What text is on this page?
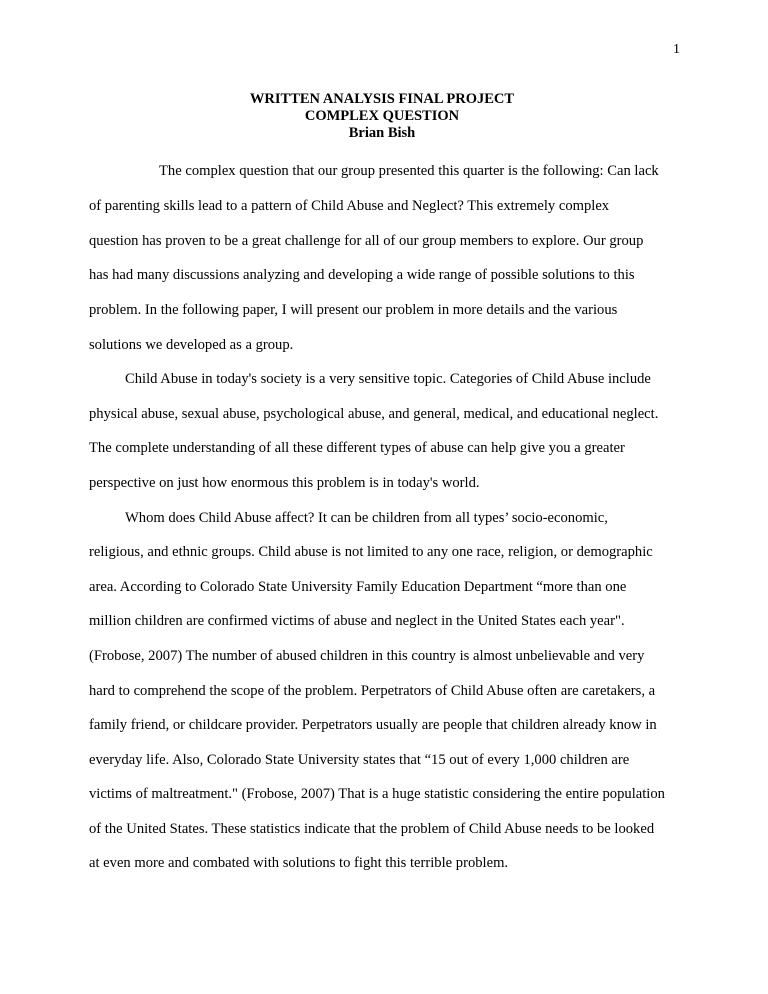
1
WRITTEN ANALYSIS FINAL PROJECT
COMPLEX QUESTION
Brian Bish
The complex question that our group presented this quarter is the following: Can lack
of parenting skills lead to a pattern of Child Abuse and Neglect? This extremely complex
question has proven to be a great challenge for all of our group members to explore. Our group
has had many discussions analyzing and developing a wide range of possible solutions to this
problem. In the following paper, I will present our problem in more details and the various
solutions we developed as a group.
Child Abuse in today's society is a very sensitive topic. Categories of Child Abuse include
physical abuse, sexual abuse, psychological abuse, and general, medical, and educational neglect.
The complete understanding of all these different types of abuse can help give you a greater
perspective on just how enormous this problem is in today's world.
Whom does Child Abuse affect? It can be children from all types’ socio-economic,
religious, and ethnic groups. Child abuse is not limited to any one race, religion, or demographic
area. According to Colorado State University Family Education Department “more than one
million children are confirmed victims of abuse and neglect in the United States each year".
(Frobose, 2007) The number of abused children in this country is almost unbelievable and very
hard to comprehend the scope of the problem. Perpetrators of Child Abuse often are caretakers, a
family friend, or childcare provider. Perpetrators usually are people that children already know in
everyday life. Also, Colorado State University states that “15 out of every 1,000 children are
victims of maltreatment." (Frobose, 2007) That is a huge statistic considering the entire population
of the United States. These statistics indicate that the problem of Child Abuse needs to be looked
at even more and combated with solutions to fight this terrible problem.
